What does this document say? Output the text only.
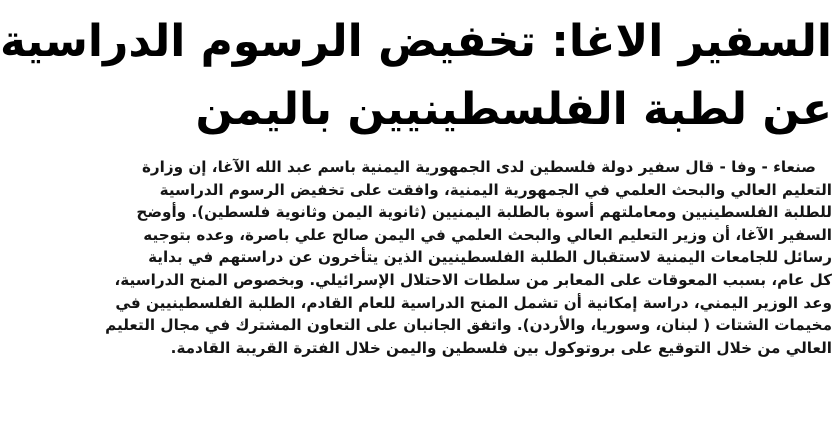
السفير الاغا: تخفيض الرسوم الدراسية
عن لطبة الفلسطينيين باليمن
صنعاء - وفا - قال سفير دولة فلسطين لدى الجمهورية اليمنية باسم عبد الله الآغا، إن وزارة
التعليم العالي والبحث العلمي في الجمهورية اليمنية، وافقت على تخفيض الرسوم الدراسية
للطلبة الفلسطينيين ومعاملتهم أسوة بالطلبة اليمنيين (ثانوية اليمن وثانوية فلسطين). وأوضح
السفير الآغا، أن وزير التعليم العالي والبحث العلمي في اليمن صالح علي باصرة، وعده بتوجيه
رسائل للجامعات اليمنية لاستقبال الطلبة الفلسطينيين الذين يتأخرون عن دراستهم في بداية
كل عام، بسبب المعوقات على المعابر من سلطات الاحتلال الإسرائيلي. وبخصوص المنح الدراسية،
وعد الوزير اليمني، دراسة إمكانية أن تشمل المنح الدراسية للعام القادم، الطلبة الفلسطينيين في
مخيمات الشتات ( لبنان، وسوريا، والأردن). واتفق الجانبان على التعاون المشترك في مجال التعليم
العالي من خلال التوقيع على بروتوكول بين فلسطين واليمن خلال الفترة القريبة القادمة.
